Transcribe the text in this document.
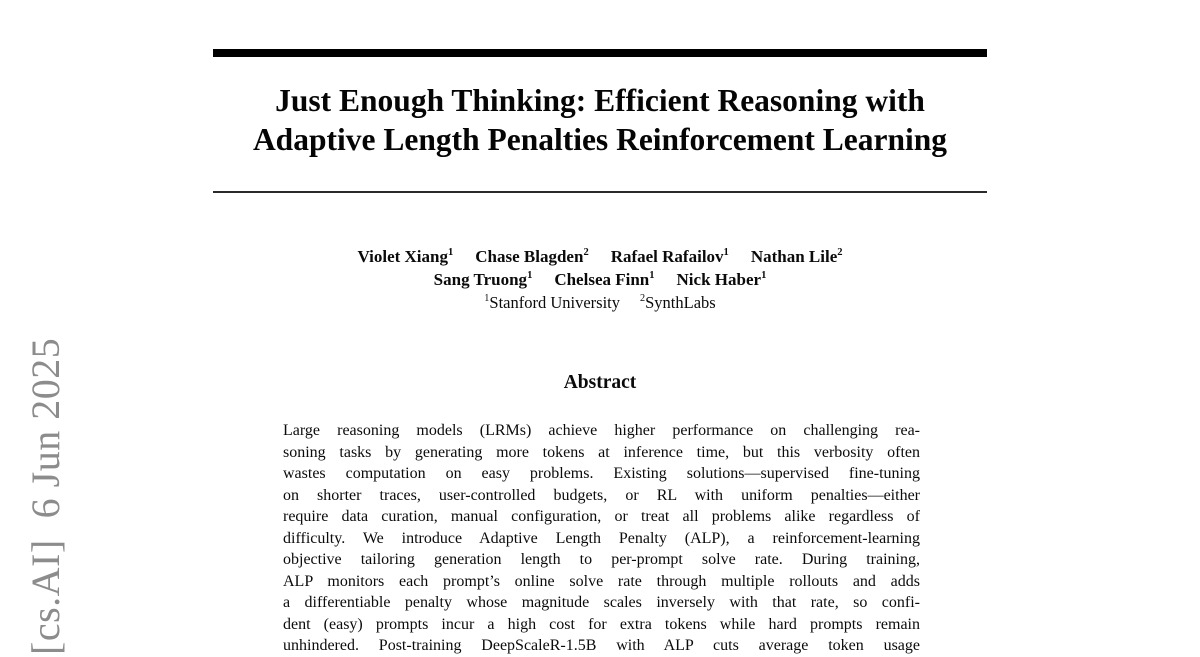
[cs.AI]  6 Jun 2025
Just Enough Thinking: Efficient Reasoning with
Adaptive Length Penalties Reinforcement Learning
Violet Xiang$^1$ Chase Blagden$^2$ Rafael Rafailov$^1$ Nathan Lile$^2$
Sang Truong$^1$ Chelsea Finn$^1$ Nick Haber$^1$
$^1$Stanford University $^2$SynthLabs
Abstract
Large reasoning models (LRMs) achieve higher performance on challenging rea-
soning tasks by generating more tokens at inference time, but this verbosity often
wastes computation on easy problems. Existing solutions—supervised fine-tuning
on shorter traces, user-controlled budgets, or RL with uniform penalties—either
require data curation, manual configuration, or treat all problems alike regardless of
difficulty. We introduce Adaptive Length Penalty (ALP), a reinforcement-learning
objective tailoring generation length to per-prompt solve rate. During training,
ALP monitors each prompt’s online solve rate through multiple rollouts and adds
a differentiable penalty whose magnitude scales inversely with that rate, so confi-
dent (easy) prompts incur a high cost for extra tokens while hard prompts remain
unhindered. Post-training DeepScaleR-1.5B with ALP cuts average token usage
